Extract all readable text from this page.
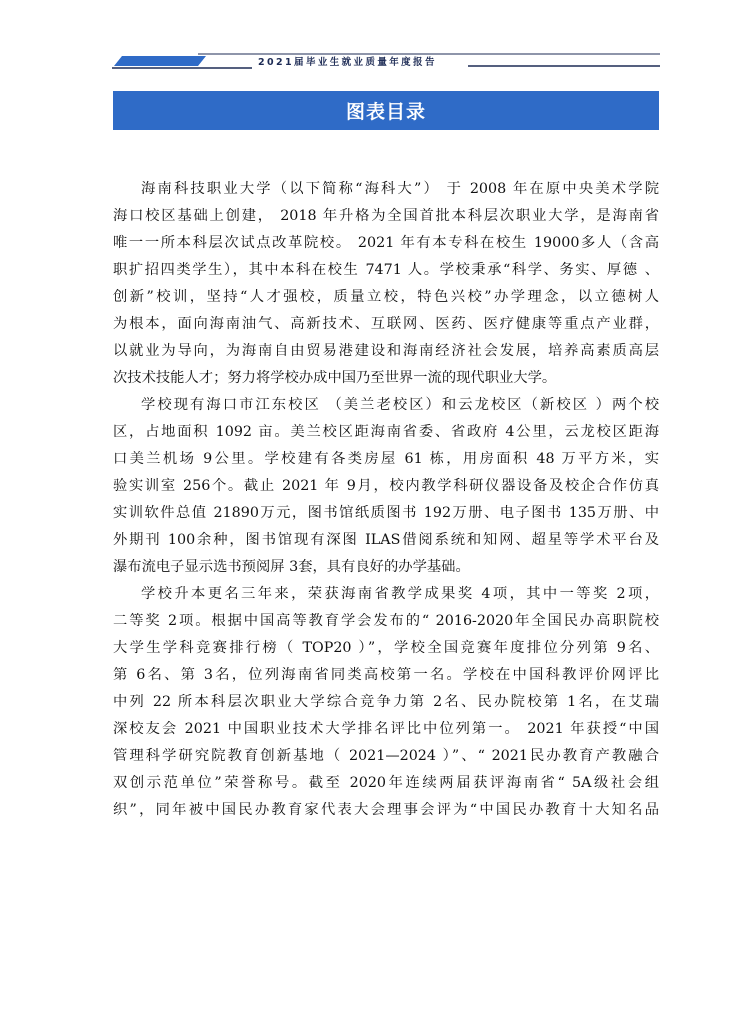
2021届毕业生就业质量年度报告
图表目录
海南科技职业大学（以下简称“海科大”） 于 2008 年在原中央美术学院
海口校区基础上创建， 2018 年升格为全国首批本科层次职业大学，是海南省
唯一一所本科层次试点改革院校。 2021 年有本专科在校生 19000多人（含高
职扩招四类学生），其中本科在校生 7471 人。学校秉承“科学、务实、厚德 、
创新”校训，坚持“人才强校，质量立校，特色兴校”办学理念，以立德树人
为根本，面向海南油气、高新技术、互联网、医药、医疗健康等重点产业群，
以就业为导向，为海南自由贸易港建设和海南经济社会发展，培养高素质高层
次技术技能人才；努力将学校办成中国乃至世界一流的现代职业大学。
学校现有海口市江东校区 （美兰老校区）和云龙校区（新校区 ）两个校
区，占地面积 1092 亩。美兰校区距海南省委、省政府 4公里，云龙校区距海
口美兰机场 9公里。学校建有各类房屋 61 栋，用房面积 48 万平方米，实
验实训室 256个。截止 2021 年 9月，校内教学科研仪器设备及校企合作仿真
实训软件总值 21890万元，图书馆纸质图书 192万册、电子图书 135万册、中
外期刊 100余种，图书馆现有深图 ILAS借阅系统和知网、超星等学术平台及
瀑布流电子显示选书预阅屏 3套，具有良好的办学基础。
学校升本更名三年来，荣获海南省教学成果奖 4项，其中一等奖 2项，
二等奖 2项。根据中国高等教育学会发布的“ 2016-2020年全国民办高职院校
大学生学科竞赛排行榜（ TOP20 ）”，学校全国竞赛年度排位分列第 9名、
第 6名、第 3名，位列海南省同类高校第一名。学校在中国科教评价网评比
中列 22 所本科层次职业大学综合竞争力第 2名、民办院校第 1名，在艾瑞
深校友会 2021 中国职业技术大学排名评比中位列第一。 2021 年获授“中国
管理科学研究院教育创新基地（ 2021—2024 ）”、“ 2021民办教育产教融合
双创示范单位”荣誉称号。截至 2020年连续两届获评海南省“ 5A级社会组
织”，同年被中国民办教育家代表大会理事会评为“中国民办教育十大知名品
